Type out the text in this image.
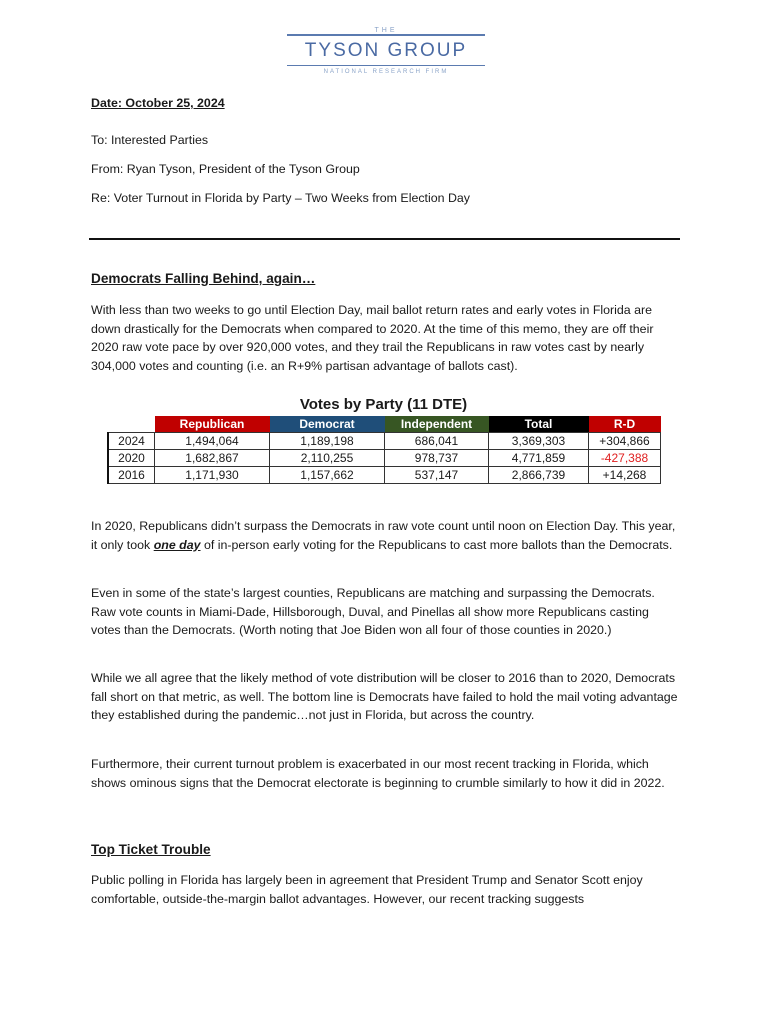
THE
TYSON GROUP
NATIONAL RESEARCH FIRM
Date: October 25, 2024
To: Interested Parties
From: Ryan Tyson, President of the Tyson Group
Re: Voter Turnout in Florida by Party – Two Weeks from Election Day
Democrats Falling Behind, again…
With less than two weeks to go until Election Day, mail ballot return rates and early votes in Florida are down drastically for the Democrats when compared to 2020. At the time of this memo, they are off their 2020 raw vote pace by over 920,000 votes, and they trail the Republicans in raw votes cast by nearly 304,000 votes and counting (i.e. an R+9% partisan advantage of ballots cast).
Votes by Party (11 DTE)
	Republican	Democrat	Independent	Total	R-D
2024	1,494,064	1,189,198	686,041	3,369,303	+304,866
2020	1,682,867	2,110,255	978,737	4,771,859	-427,388
2016	1,171,930	1,157,662	537,147	2,866,739	+14,268
In 2020, Republicans didn’t surpass the Democrats in raw vote count until noon on Election Day. This year, it only took one day of in-person early voting for the Republicans to cast more ballots than the Democrats.
Even in some of the state’s largest counties, Republicans are matching and surpassing the Democrats. Raw vote counts in Miami-Dade, Hillsborough, Duval, and Pinellas all show more Republicans casting votes than the Democrats. (Worth noting that Joe Biden won all four of those counties in 2020.)
While we all agree that the likely method of vote distribution will be closer to 2016 than to 2020, Democrats fall short on that metric, as well. The bottom line is Democrats have failed to hold the mail voting advantage they established during the pandemic…not just in Florida, but across the country.
Furthermore, their current turnout problem is exacerbated in our most recent tracking in Florida, which shows ominous signs that the Democrat electorate is beginning to crumble similarly to how it did in 2022.
Top Ticket Trouble
Public polling in Florida has largely been in agreement that President Trump and Senator Scott enjoy comfortable, outside-the-margin ballot advantages. However, our recent tracking suggests
